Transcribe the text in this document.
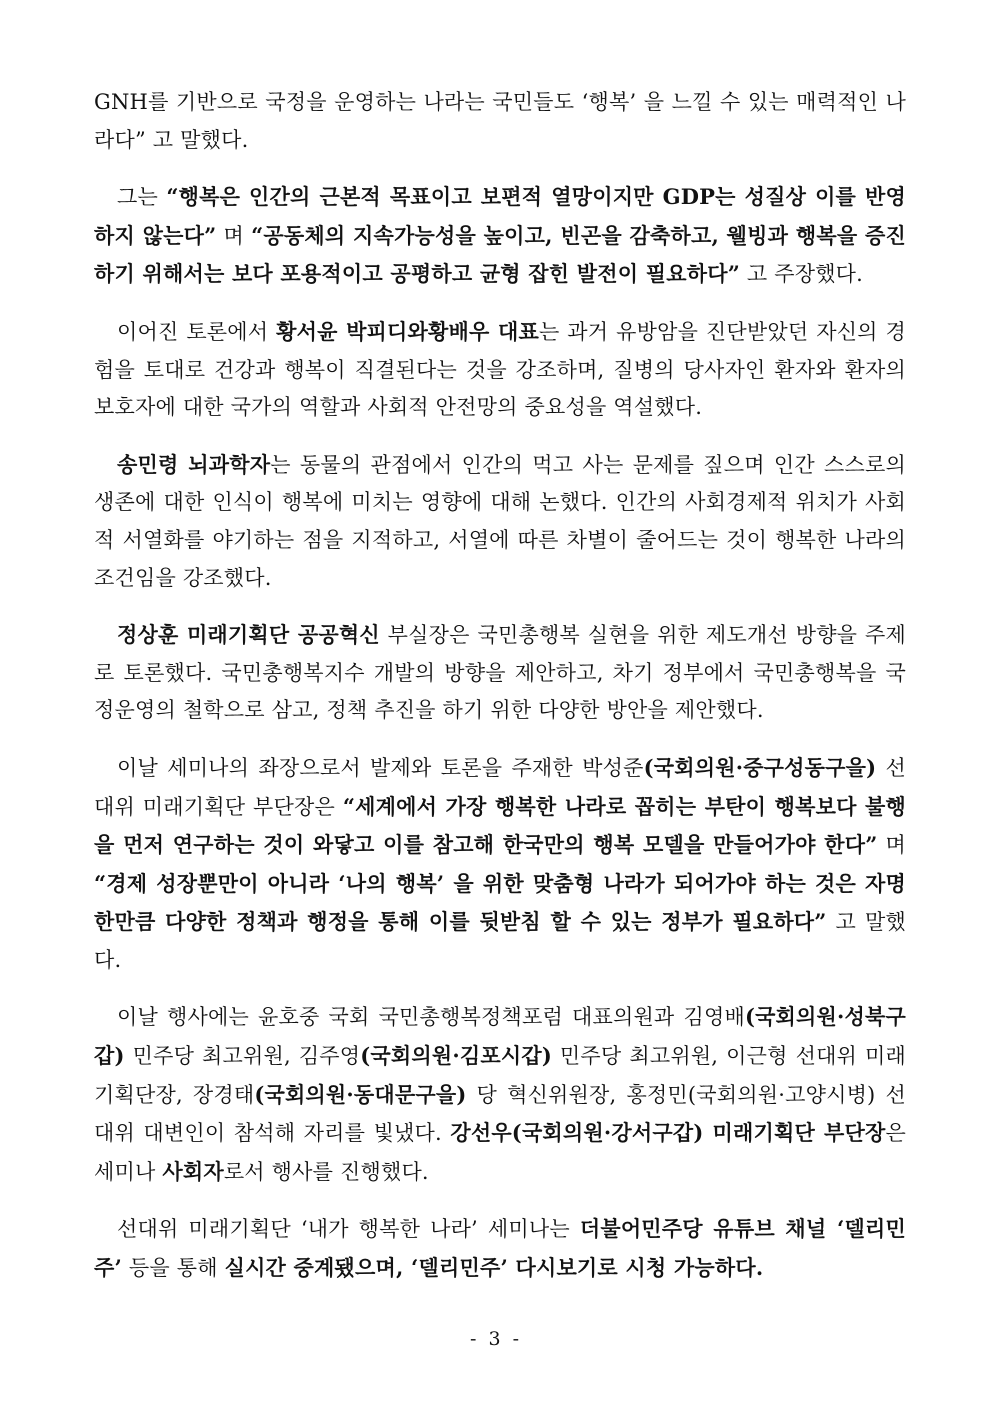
GNH를 기반으로 국정을 운영하는 나라는 국민들도 ‘행복’ 을 느낄 수 있는 매력적인 나라다” 고 말했다.

그는 “행복은 인간의 근본적 목표이고 보편적 열망이지만 GDP는 성질상 이를 반영하지 않는다” 며 “공동체의 지속가능성을 높이고, 빈곤을 감축하고, 웰빙과 행복을 증진하기 위해서는 보다 포용적이고 공평하고 균형 잡힌 발전이 필요하다” 고 주장했다.

이어진 토론에서 황서윤 박피디와황배우 대표는 과거 유방암을 진단받았던 자신의 경험을 토대로 건강과 행복이 직결된다는 것을 강조하며, 질병의 당사자인 환자와 환자의 보호자에 대한 국가의 역할과 사회적 안전망의 중요성을 역설했다.

송민령 뇌과학자는 동물의 관점에서 인간의 먹고 사는 문제를 짚으며 인간 스스로의 생존에 대한 인식이 행복에 미치는 영향에 대해 논했다. 인간의 사회경제적 위치가 사회적 서열화를 야기하는 점을 지적하고, 서열에 따른 차별이 줄어드는 것이 행복한 나라의 조건임을 강조했다.

정상훈 미래기획단 공공혁신 부실장은 국민총행복 실현을 위한 제도개선 방향을 주제로 토론했다. 국민총행복지수 개발의 방향을 제안하고, 차기 정부에서 국민총행복을 국정운영의 철학으로 삼고, 정책 추진을 하기 위한 다양한 방안을 제안했다.

이날 세미나의 좌장으로서 발제와 토론을 주재한 박성준(국회의원·중구성동구을) 선대위 미래기획단 부단장은 “세계에서 가장 행복한 나라로 꼽히는 부탄이 행복보다 불행을 먼저 연구하는 것이 와닿고 이를 참고해 한국만의 행복 모델을 만들어가야 한다” 며 “경제 성장뿐만이 아니라 ‘나의 행복’ 을 위한 맞춤형 나라가 되어가야 하는 것은 자명한만큼 다양한 정책과 행정을 통해 이를 뒷받침 할 수 있는 정부가 필요하다” 고 말했다.

이날 행사에는 윤호중 국회 국민총행복정책포럼 대표의원과 김영배(국회의원·성북구갑) 민주당 최고위원, 김주영(국회의원·김포시갑) 민주당 최고위원, 이근형 선대위 미래기획단장, 장경태(국회의원·동대문구을) 당 혁신위원장, 홍정민(국회의원·고양시병) 선대위 대변인이 참석해 자리를 빛냈다. 강선우(국회의원·강서구갑) 미래기획단 부단장은 세미나 사회자로서 행사를 진행했다.

선대위 미래기획단 ‘내가 행복한 나라’ 세미나는 더불어민주당 유튜브 채널 ‘델리민주’ 등을 통해 실시간 중계됐으며, ‘델리민주’ 다시보기로 시청 가능하다.

- 3 -
